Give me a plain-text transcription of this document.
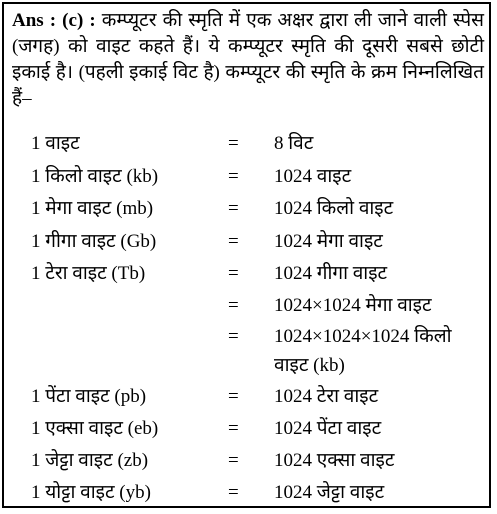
Ans : (c) : कम्प्यूटर की स्मृति में एक अक्षर द्वारा ली जाने वाली स्पेस (जगह) को वाइट कहते हैं। ये कम्प्यूटर स्मृति की दूसरी सबसे छोटी इकाई है। (पहली इकाई विट है) कम्प्यूटर की स्मृति के क्रम निम्नलिखित हैं–
1 वाइट	= 8 विट
1 किलो वाइट (kb)	= 1024 वाइट
1 मेगा वाइट (mb)	= 1024 किलो वाइट
1 गीगा वाइट (Gb)	= 1024 मेगा वाइट
1 टेरा वाइट (Tb)	= 1024 गीगा वाइट
= 1024×1024 मेगा वाइट
= 1024×1024×1024 किलो वाइट (kb)
1 पेंटा वाइट (pb)	= 1024 टेरा वाइट
1 एक्सा वाइट (eb)	= 1024 पेंटा वाइट
1 जेट्टा वाइट (zb)	= 1024 एक्सा वाइट
1 योट्टा वाइट (yb)	= 1024 जेट्टा वाइट
